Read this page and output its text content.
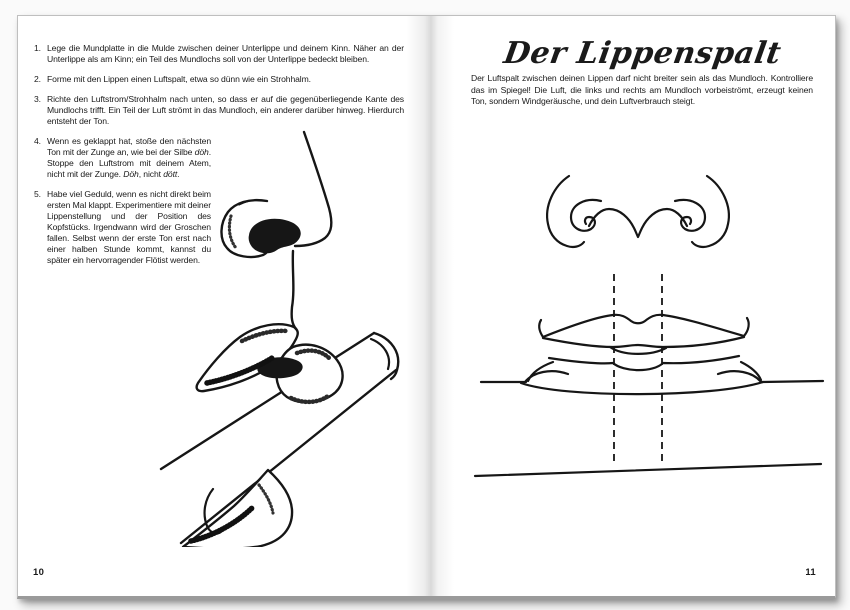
1. Lege die Mundplatte in die Mulde zwischen deiner Unterlippe und deinem Kinn. Näher an der Unterlippe als am Kinn; ein Teil des Mundlochs soll von der Unterlippe bedeckt bleiben.
2. Forme mit den Lippen einen Luftspalt, etwa so dünn wie ein Strohhalm.
3. Richte den Luftstrom/Strohhalm nach unten, so dass er auf die gegenüberliegende Kante des Mundlochs trifft. Ein Teil der Luft strömt in das Mundloch, ein anderer darüber hinweg. Hierdurch entsteht der Ton.
4. Wenn es geklappt hat, stoße den nächsten Ton mit der Zunge an, wie bei der Silbe döh. Stoppe den Luftstrom mit deinem Atem, nicht mit der Zunge. Döh, nicht dött.
5. Habe viel Geduld, wenn es nicht direkt beim ersten Mal klappt. Experimentiere mit deiner Lippenstellung und der Position des Kopfstücks. Irgendwann wird der Groschen fallen. Selbst wenn der erste Ton erst nach einer halben Stunde kommt, kannst du später ein hervorragender Flötist werden.
10
Der Lippenspalt

Der Luftspalt zwischen deinen Lippen darf nicht breiter sein als das Mundloch. Kontrolliere das im Spiegel! Die Luft, die links und rechts am Mundloch vorbeiströmt, erzeugt keinen Ton, sondern Windgeräusche, und dein Luftverbrauch steigt.

11
